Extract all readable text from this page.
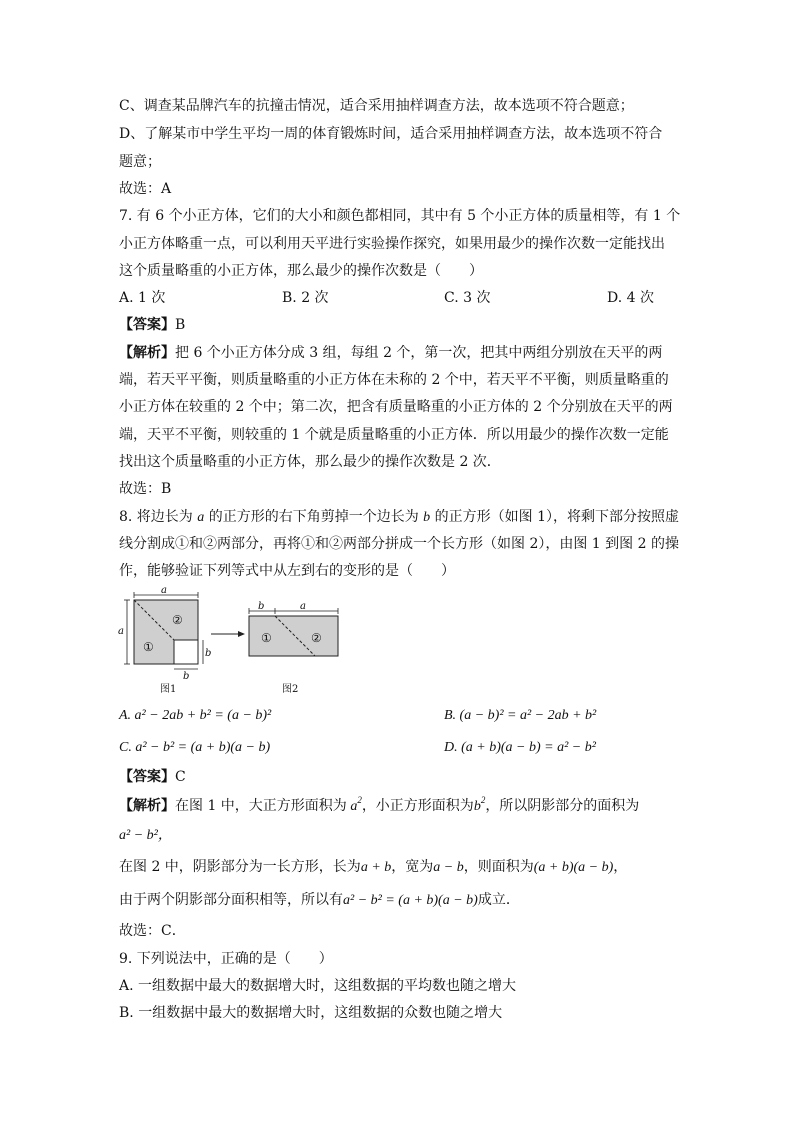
C、调查某品牌汽车的抗撞击情况，适合采用抽样调查方法，故本选项不符合题意；
D、了解某市中学生平均一周的体育锻炼时间，适合采用抽样调查方法，故本选项不符合
题意；
故选：A
7. 有 6 个小正方体，它们的大小和颜色都相同，其中有 5 个小正方体的质量相等，有 1 个
小正方体略重一点，可以利用天平进行实验操作探究，如果用最少的操作次数一定能找出
这个质量略重的小正方体，那么最少的操作次数是（　　）
A. 1 次	B. 2 次	C. 3 次	D. 4 次
【答案】B
【解析】把 6 个小正方体分成 3 组，每组 2 个，第一次，把其中两组分别放在天平的两
端，若天平平衡，则质量略重的小正方体在未称的 2 个中，若天平不平衡，则质量略重的
小正方体在较重的 2 个中；第二次，把含有质量略重的小正方体的 2 个分别放在天平的两
端，天平不平衡，则较重的 1 个就是质量略重的小正方体．所以用最少的操作次数一定能
找出这个质量略重的小正方体，那么最少的操作次数是 2 次．
故选：B
8. 将边长为 a 的正方形的右下角剪掉一个边长为 b 的正方形（如图 1），将剩下部分按照虚
线分割成①和②两部分，再将①和②两部分拼成一个长方形（如图 2），由图 1 到图 2 的操
作，能够验证下列等式中从左到右的变形的是（　　）
a
a
b
b
①
②
图1
b	a
①	②
图2
A. a² − 2ab + b² = (a − b)²	B. (a − b)² = a² − 2ab + b²
C. a² − b² = (a + b)(a − b)	D. (a + b)(a − b) = a² − b²
【答案】C
【解析】在图 1 中，大正方形面积为 $a^2$，小正方形面积为$b^2$，所以阴影部分的面积为
a² − b²，
在图 2 中，阴影部分为一长方形，长为a + b，宽为a − b，则面积为(a + b)(a − b)，
由于两个阴影部分面积相等，所以有a² − b² = (a + b)(a − b)成立．
故选：C．
9. 下列说法中，正确的是（　　）
A. 一组数据中最大的数据增大时，这组数据的平均数也随之增大
B. 一组数据中最大的数据增大时，这组数据的众数也随之增大
